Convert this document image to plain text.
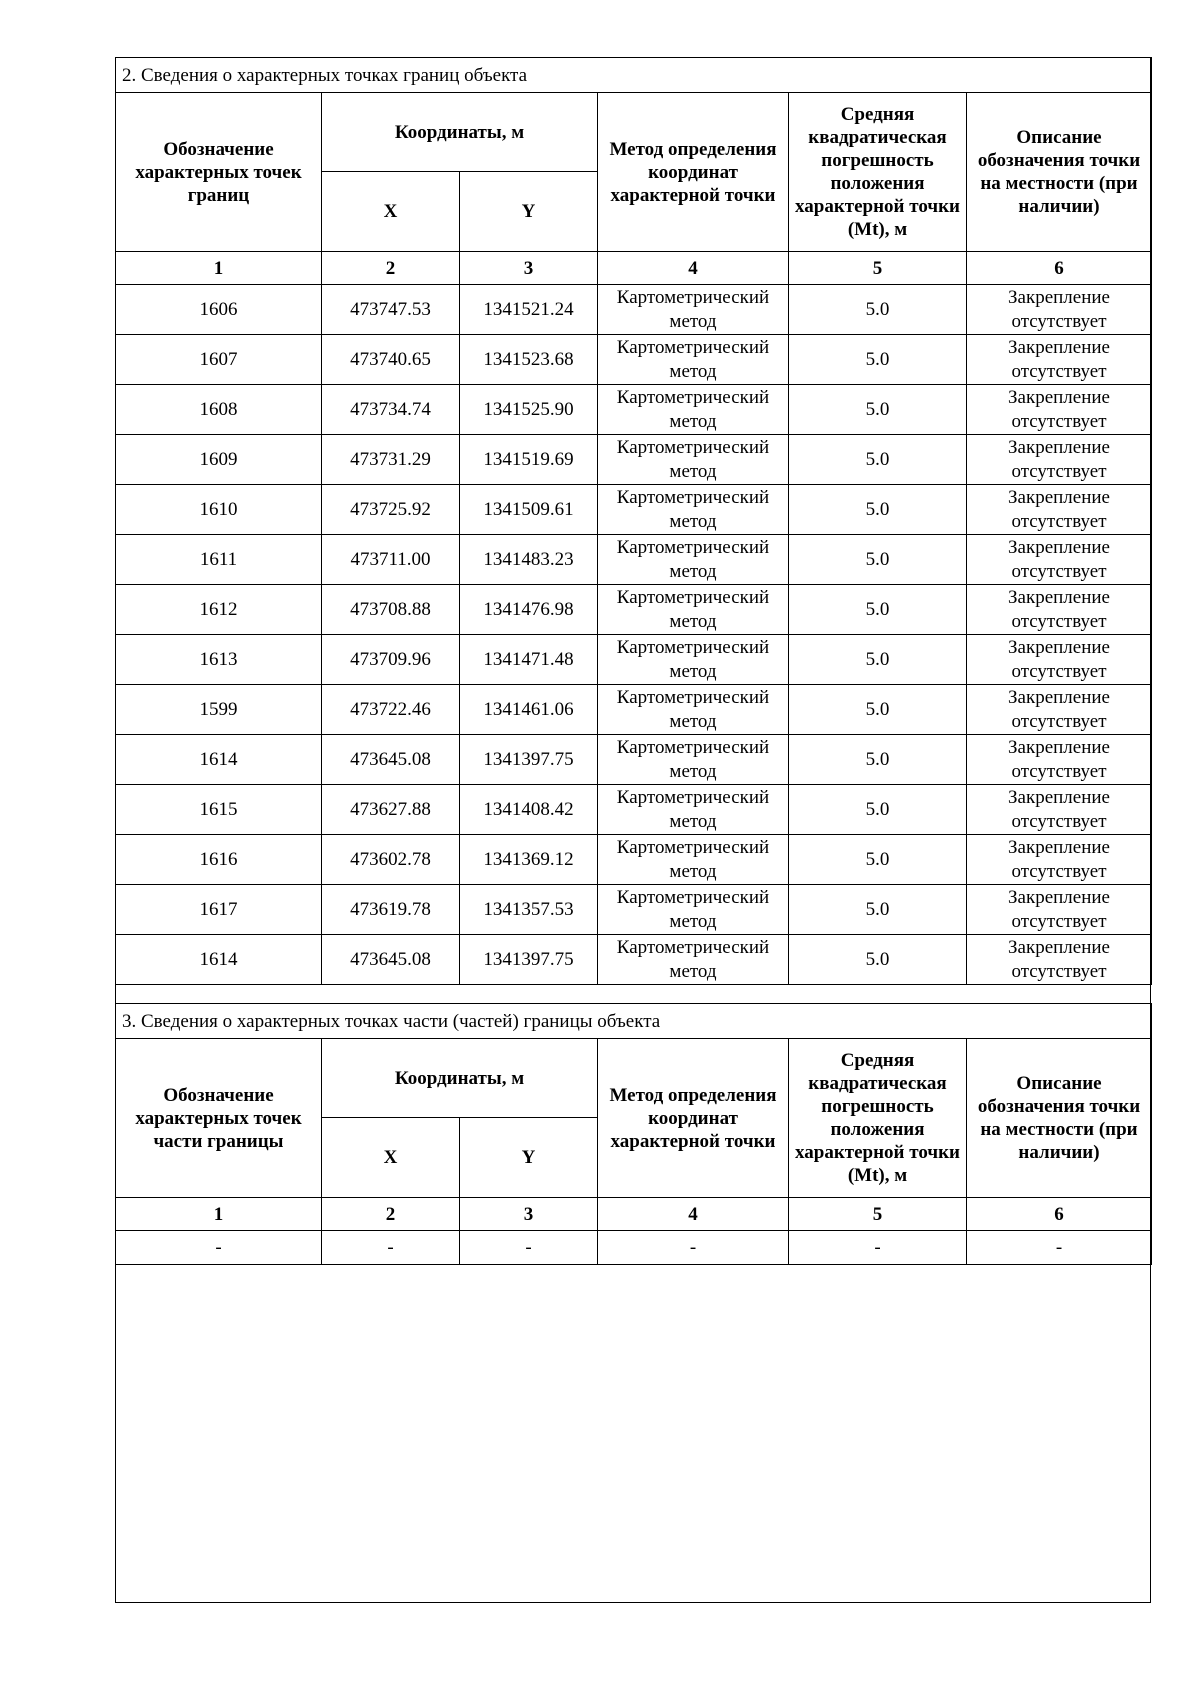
2. Сведения о характерных точках границ объекта					
Обозначение характерных точек границ	Координаты, м		Метод определения координат характерной точки	Средняя квадратическая погрешность положения характерной точки (Mt), м	Описание обозначения точки на местности (при наличии)
	X	Y			
1	2	3	4	5	6
1606	473747.53	1341521.24	Картометрический метод	5.0	Закрепление отсутствует
1607	473740.65	1341523.68	Картометрический метод	5.0	Закрепление отсутствует
1608	473734.74	1341525.90	Картометрический метод	5.0	Закрепление отсутствует
1609	473731.29	1341519.69	Картометрический метод	5.0	Закрепление отсутствует
1610	473725.92	1341509.61	Картометрический метод	5.0	Закрепление отсутствует
1611	473711.00	1341483.23	Картометрический метод	5.0	Закрепление отсутствует
1612	473708.88	1341476.98	Картометрический метод	5.0	Закрепление отсутствует
1613	473709.96	1341471.48	Картометрический метод	5.0	Закрепление отсутствует
1599	473722.46	1341461.06	Картометрический метод	5.0	Закрепление отсутствует
1614	473645.08	1341397.75	Картометрический метод	5.0	Закрепление отсутствует
1615	473627.88	1341408.42	Картометрический метод	5.0	Закрепление отсутствует
1616	473602.78	1341369.12	Картометрический метод	5.0	Закрепление отсутствует
1617	473619.78	1341357.53	Картометрический метод	5.0	Закрепление отсутствует
1614	473645.08	1341397.75	Картометрический метод	5.0	Закрепление отсутствует
3. Сведения о характерных точках части (частей) границы объекта					
Обозначение характерных точек части границы	Координаты, м		Метод определения координат характерной точки	Средняя квадратическая погрешность положения характерной точки (Mt), м	Описание обозначения точки на местности (при наличии)
	X	Y			
1	2	3	4	5	6
-	-	-	-	-	-
